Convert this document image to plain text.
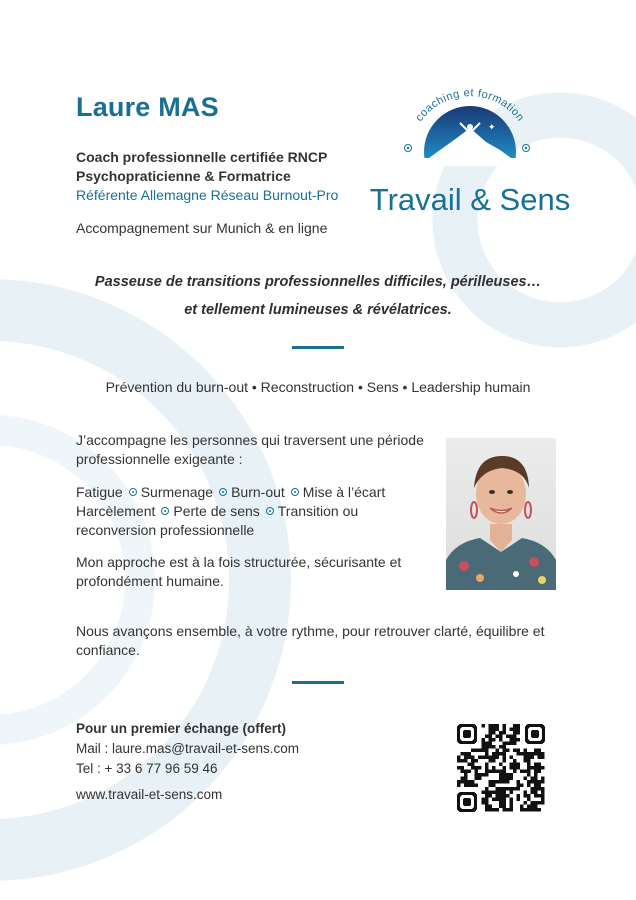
Laure MAS
Coach professionnelle certifiée RNCP
Psychopraticienne & Formatrice
Référente Allemagne Réseau Burnout-Pro
Accompagnement sur Munich & en ligne
coaching et formation
✦
Travail & Sens
Passeuse de transitions professionnelles difficiles, périlleuses…
et tellement lumineuses & révélatrices.
Prévention du burn-out • Reconstruction • Sens • Leadership humain
J’accompagne les personnes qui traversent une période professionnelle exigeante :
Fatigue Surmenage Burn-out Mise à l’écart Harcèlement Perte de sens Transition ou reconversion professionnelle
Mon approche est à la fois structurée, sécurisante et profondément humaine.
Nous avançons ensemble, à votre rythme, pour retrouver clarté, équilibre et confiance.
Pour un premier échange (offert)
Mail : laure.mas@travail-et-sens.com
Tel : + 33 6 77 96 59 46
www.travail-et-sens.com
